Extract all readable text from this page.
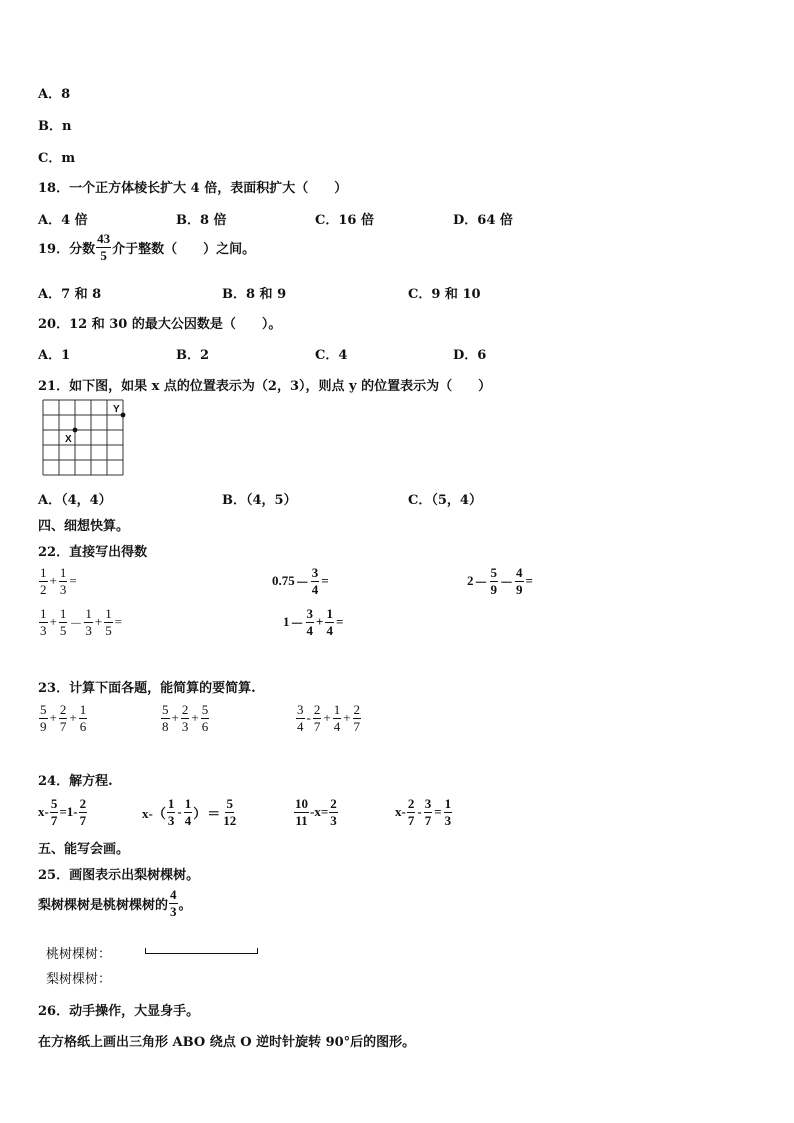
A．8
B．n
C．m
18．一个正方体棱长扩大 4 倍，表面积扩大（　　）
A．4 倍	B．8 倍	C．16 倍	D．64 倍
19． 分数 $\frac{43}{5}$ 介于整数（　　）之间。
A．7 和 8	B．8 和 9	C．9 和 10
20．12 和 30 的最大公因数是（　　）。
A．1	B．2	C．4	D．6
21．如下图，如果 x 点的位置表示为（2，3），则点 y 的位置表示为（　　）
X
Y
A．（4，4）	B．（4，5）	C．（5，4）
四、细想快算。
22．直接写出得数
$\frac{1}{2} + \frac{1}{3}$ =	$0.75 - \frac{3}{4}$ =	$2 - \frac{5}{9} - \frac{4}{9}$ =
$\frac{1}{3} + \frac{1}{5} - \frac{1}{3} + \frac{1}{5}$ =	$1 - \frac{3}{4} + \frac{1}{4}$ =
23．计算下面各题，能简算的要简算.
$\frac{5}{9} + \frac{2}{7} + \frac{1}{6}$	$\frac{5}{8} + \frac{2}{3} + \frac{5}{6}$	$\frac{3}{4} - \frac{2}{7} + \frac{1}{4} + \frac{2}{7}$
24．解方程.
$x- \frac{5}{7} =1- \frac{2}{7}$	$x-( \frac{1}{3} - \frac{1}{4}$ ） ＝ $\frac{5}{12}$	$\frac{10}{11} -x= \frac{2}{3}$	$x- \frac{2}{7} - \frac{3}{7} = \frac{1}{3}$
五、能写会画。
25．画图表示出梨树棵树。
梨树棵树是桃树棵树的 $\frac{4}{3}$ 。
桃树棵树：
梨树棵树：
26．动手操作，大显身手。
在方格纸上画出三角形 ABO 绕点 O 逆时针旋转 90°后的图形。
